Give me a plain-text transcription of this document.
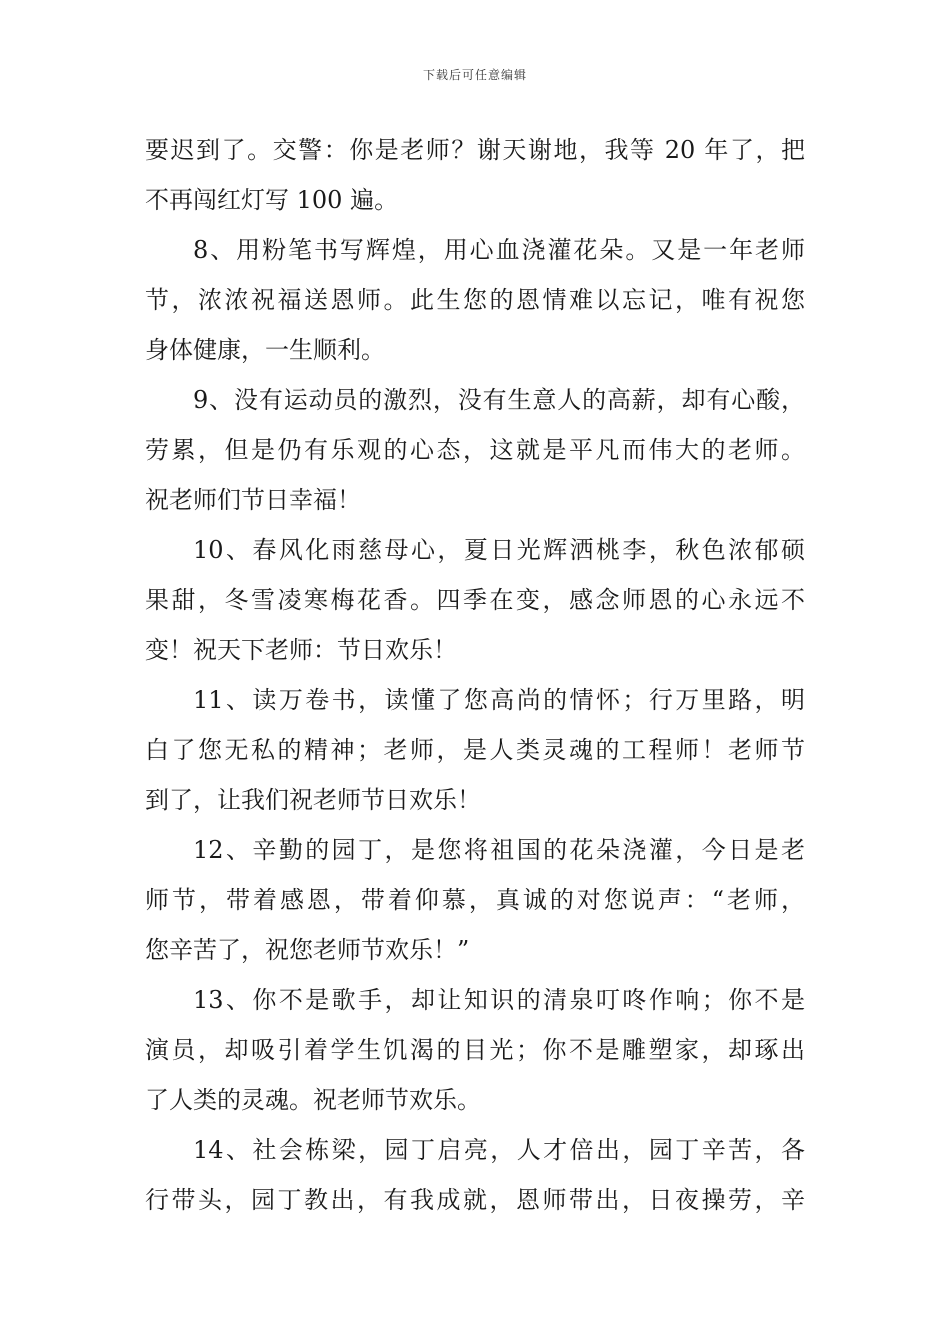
下载后可任意编辑
要迟到了。交警：你是老师？谢天谢地，我等 20 年了，把
不再闯红灯写 100 遍。
8、用粉笔书写辉煌，用心血浇灌花朵。又是一年老师
节，浓浓祝福送恩师。此生您的恩情难以忘记，唯有祝您
身体健康，一生顺利。
9、没有运动员的激烈，没有生意人的高薪，却有心酸，
劳累，但是仍有乐观的心态，这就是平凡而伟大的老师。
祝老师们节日幸福！
10、春风化雨慈母心，夏日光辉洒桃李，秋色浓郁硕
果甜，冬雪凌寒梅花香。四季在变，感念师恩的心永远不
变！祝天下老师：节日欢乐！
11、读万卷书，读懂了您高尚的情怀；行万里路，明
白了您无私的精神；老师，是人类灵魂的工程师！老师节
到了，让我们祝老师节日欢乐！
12、辛勤的园丁，是您将祖国的花朵浇灌，今日是老
师节，带着感恩，带着仰慕，真诚的对您说声：“老师，
您辛苦了，祝您老师节欢乐！”
13、你不是歌手，却让知识的清泉叮咚作响；你不是
演员，却吸引着学生饥渴的目光；你不是雕塑家，却琢出
了人类的灵魂。祝老师节欢乐。
14、社会栋梁，园丁启亮，人才倍出，园丁辛苦，各
行带头，园丁教出，有我成就，恩师带出，日夜操劳，辛
